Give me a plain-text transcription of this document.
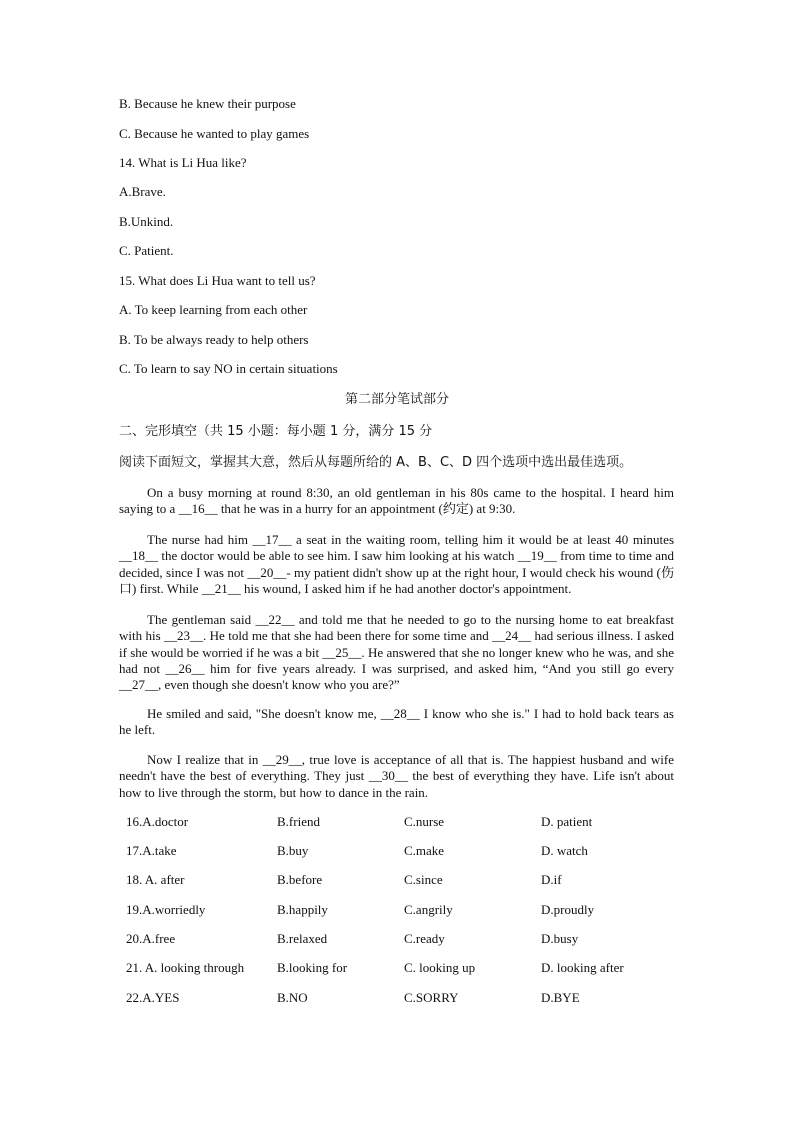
B. Because he knew their purpose
C. Because he wanted to play games
14. What is Li Hua like?
A.Brave.
B.Unkind.
C. Patient.
15. What does Li Hua want to tell us?
A. To keep learning from each other
B. To be always ready to help others
C. To learn to say NO in certain situations
第二部分笔试部分
二、完形填空（共 15 小题：每小题 1 分，满分 15 分
阅读下面短文，掌握其大意，然后从每题所给的 A、B、C、D 四个选项中选出最佳选项。

On a busy morning at round 8:30, an old gentleman in his 80s came to the hospital. I heard him saying to a __16__ that he was in a hurry for an appointment (约定) at 9:30.

The nurse had him __17__ a seat in the waiting room, telling him it would be at least 40 minutes __18__ the doctor would be able to see him. I saw him looking at his watch __19__ from time to time and decided, since I was not __20__- my patient didn't show up at the right hour, I would check his wound (伤口) first. While __21__ his wound, I asked him if he had another doctor's appointment.

The gentleman said __22__ and told me that he needed to go to the nursing home to eat breakfast with his __23__. He told me that she had been there for some time and __24__ had serious illness. I asked if she would be worried if he was a bit __25__. He answered that she no longer knew who he was, and she had not __26__ him for five years already. I was surprised, and asked him, “And you still go every __27__, even though she doesn't know who you are?”

He smiled and said, "She doesn't know me, __28__ I know who she is." I had to hold back tears as he left.

Now I realize that in __29__, true love is acceptance of all that is. The happiest husband and wife needn't have the best of everything. They just __30__ the best of everything they have. Life isn't about how to live through the storm, but how to dance in the rain.

16.A.doctor	B.friend	C.nurse	D. patient
17.A.take	B.buy	C.make	D. watch
18. A. after	B.before	C.since	D.if
19.A.worriedly	B.happily	C.angrily	D.proudly
20.A.free	B.relaxed	C.ready	D.busy
21. A. looking through	B.looking for	C. looking up	D. looking after
22.A.YES	B.NO	C.SORRY	D.BYE
